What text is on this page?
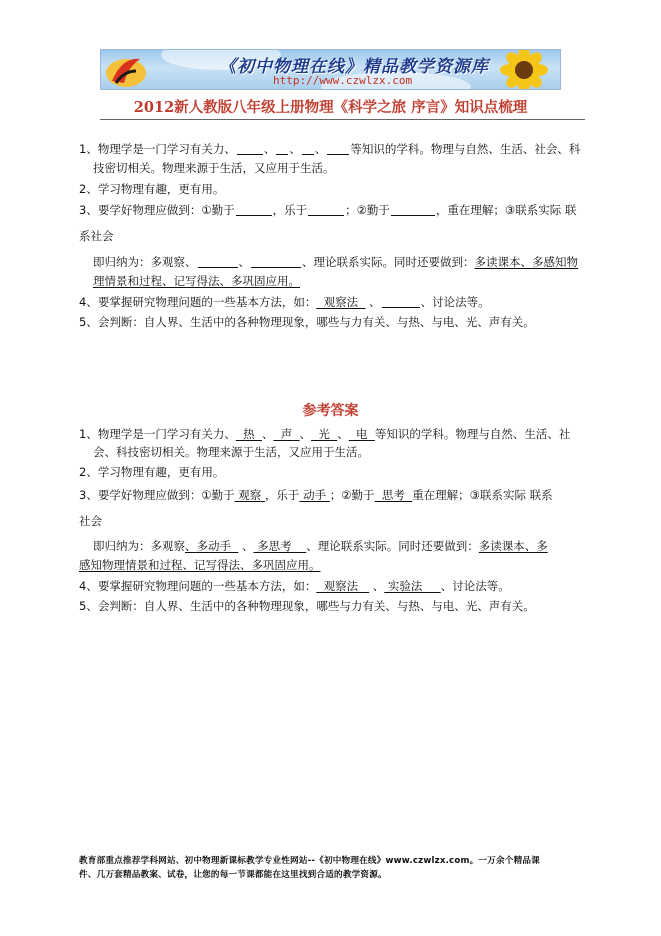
《初中物理在线》精品教学资源库
http://www.czwlzx.com
2012新人教版八年级上册物理《科学之旅 序言》知识点梳理
1、物理学是一门学习有关力、 、 、 、 等知识的学科。物理与自然、生活、社会、科
技密切相关。物理来源于生活，又应用于生活。
2、学习物理有趣，更有用。
3、要学好物理应做到：①勤于	，乐于	；②勤于	，重在理解；③联系实际 联
系社会
即归纳为：多观察、	、	、理论联系实际。同时还要做到：多读课本、多感知物
理情景和过程、记写得法、多巩固应用。
4、要掌握研究物理问题的一些基本方法，如：  观察法   、	、讨论法等。
5、会判断：自人界、生活中的各种物理现象，哪些与力有关、与热、与电、光、声有关。
参考答案
1、物理学是一门学习有关力、  热  、  声  、  光  、  电  等知识的学科。物理与自然、生活、社
会、科技密切相关。物理来源于生活，又应用于生活。
2、学习物理有趣，更有用。
3、要学好物理应做到：①勤于 观察 ，乐于 动手 ；②勤于  思考  重在理解；③联系实际 联系
社会
即归纳为：多观察、多动手   、 多思考    、理论联系实际。同时还要做到：多读课本、多
感知物理情景和过程、记写得法、多巩固应用。
4、要掌握研究物理问题的一些基本方法，如：  观察法    、 实验法     、讨论法等。
5、会判断：自人界、生活中的各种物理现象，哪些与力有关、与热、与电、光、声有关。
教育部重点推荐学科网站、初中物理新课标教学专业性网站--《初中物理在线》www.czwlzx.com。一万余个精品课
件、几万套精品教案、试卷，让您的每一节课都能在这里找到合适的教学资源。
